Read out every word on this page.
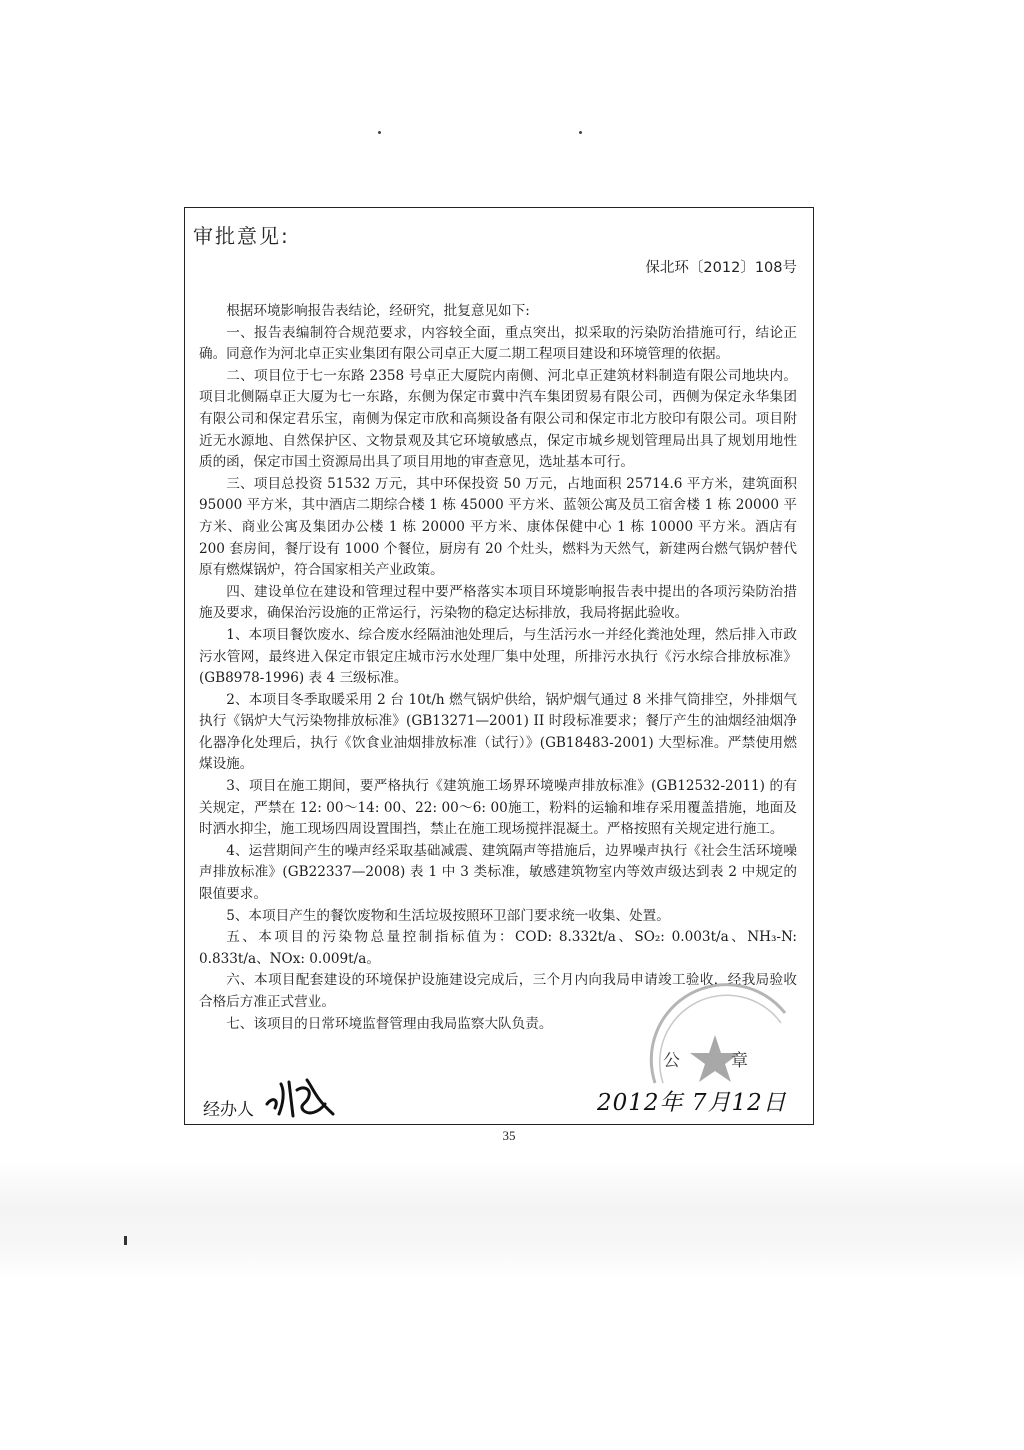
审批意见:
保北环〔2012〕108号

根据环境影响报告表结论，经研究，批复意见如下:

一、报告表编制符合规范要求，内容较全面，重点突出，拟采取的污染防治措施可行，结论正确。同意作为河北卓正实业集团有限公司卓正大厦二期工程项目建设和环境管理的依据。

二、项目位于七一东路 2358 号卓正大厦院内南侧、河北卓正建筑材料制造有限公司地块内。项目北侧隔卓正大厦为七一东路，东侧为保定市冀中汽车集团贸易有限公司，西侧为保定永华集团有限公司和保定君乐宝，南侧为保定市欣和高频设备有限公司和保定市北方胶印有限公司。项目附近无水源地、自然保护区、文物景观及其它环境敏感点，保定市城乡规划管理局出具了规划用地性质的函，保定市国土资源局出具了项目用地的审查意见，选址基本可行。

三、项目总投资 51532 万元，其中环保投资 50 万元，占地面积 25714.6 平方米，建筑面积 95000 平方米，其中酒店二期综合楼 1 栋 45000 平方米、蓝领公寓及员工宿舍楼 1 栋 20000 平方米、商业公寓及集团办公楼 1 栋 20000 平方米、康体保健中心 1 栋 10000 平方米。酒店有 200 套房间，餐厅设有 1000 个餐位，厨房有 20 个灶头，燃料为天然气，新建两台燃气锅炉替代原有燃煤锅炉，符合国家相关产业政策。

四、建设单位在建设和管理过程中要严格落实本项目环境影响报告表中提出的各项污染防治措施及要求，确保治污设施的正常运行，污染物的稳定达标排放，我局将据此验收。

1、本项目餐饮废水、综合废水经隔油池处理后，与生活污水一并经化粪池处理，然后排入市政污水管网，最终进入保定市银定庄城市污水处理厂集中处理，所排污水执行《污水综合排放标准》(GB8978-1996) 表 4 三级标准。

2、本项目冬季取暖采用 2 台 10t/h 燃气锅炉供给，锅炉烟气通过 8 米排气筒排空，外排烟气执行《锅炉大气污染物排放标准》(GB13271—2001) II 时段标准要求；餐厅产生的油烟经油烟净化器净化处理后，执行《饮食业油烟排放标准（试行）》(GB18483-2001) 大型标准。严禁使用燃煤设施。

3、项目在施工期间，要严格执行《建筑施工场界环境噪声排放标准》(GB12532-2011) 的有关规定，严禁在 12: 00～14: 00、22: 00～6: 00施工，粉料的运输和堆存采用覆盖措施，地面及时洒水抑尘，施工现场四周设置围挡，禁止在施工现场搅拌混凝土。严格按照有关规定进行施工。

4、运营期间产生的噪声经采取基础减震、建筑隔声等措施后，边界噪声执行《社会生活环境噪声排放标准》(GB22337—2008) 表 1 中 3 类标准，敏感建筑物室内等效声级达到表 2 中规定的限值要求。

5、本项目产生的餐饮废物和生活垃圾按照环卫部门要求统一收集、处置。

五、本项目的污染物总量控制指标值为：COD: 8.332t/a、SO₂: 0.003t/a、NH₃-N: 0.833t/a、NOx: 0.009t/a。

六、本项目配套建设的环境保护设施建设完成后，三个月内向我局申请竣工验收，经我局验收合格后方准正式营业。

七、该项目的日常环境监督管理由我局监察大队负责。

公	章
经办人	2012年 7月12日
35
